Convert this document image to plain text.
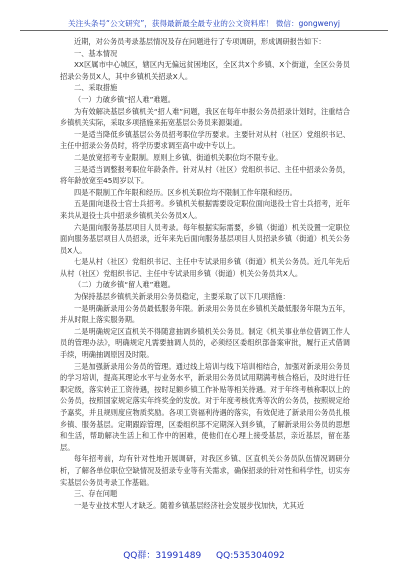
关注头条号“公文研究”，获得最新最全最专业的公文资料库！ 微信：gongwenyj

近期，对公务员考录基层情况及存在问题进行了专项调研，形成调研报告如下：

一、基本情况

XX区属市中心城区，辖区内无偏远贫困地区，全区共X个乡镇、X个街道，全区公务员招录公务员X人，其中乡镇机关招录X人。

二、采取措施

（一）力破乡镇“招人难”难题。

为有效解决基层乡镇机关“招人难”问题，我区在每年申报公务员招录计划时，注重结合乡镇机关实际，采取多项措施来拓宽基层公务员来源渠道。

一是适当降低乡镇基层公务员招考职位学历要求。主要针对从村（社区）党组织书记、主任中招录公务员时，将学历要求调至高中或中专以上。

二是放宽招考专业限制。原则上乡镇、街道机关职位均不限专业。

三是适当调整报考职位年龄条件。针对从村（社区）党组织书记、主任中招录公务员，将年龄放宽至45周岁以下。

四是不限制工作年限和经历。区乡机关职位均不限制工作年限和经历。

五是面向退役士官士兵招考。乡镇机关根据需要设定职位面向退役士官士兵招考，近年来共从退役士兵中招录乡镇机关公务员X人。

六是面向服务基层项目人员考录。每年根据实际需要，乡镇（街道）机关设置一定职位面向服务基层项目人员招录，近年来先后面向服务基层项目人员招录乡镇（街道）机关公务员X人。

七是从村（社区）党组织书记、主任中专试录用乡镇（街道）机关公务员。近几年先后从村（社区）党组织书记、主任中专试录用乡镇（街道）机关公务员共X人。

（二）力破乡镇“留人难”难题。

为保持基层乡镇机关新录用公务员稳定，主要采取了以下几项措施：

一是明确新录用公务员最低服务年限。新录用公务员在乡镇机关最低服务年限为五年，并从时限上落实服务期。

二是明确规定区直机关不得随意抽调乡镇机关公务员。制定《机关事业单位借调工作人员的管理办法》，明确规定凡需要抽调人员的，必须经区委组织部备案审批，履行正式借调手续，明确抽调原因及时限。

三是加强新录用公务员的管理。通过线上培训与线下培训相结合，加强对新录用公务员的学习培训，提高其理论水平与业务水平，新录用公务员试用期满考核合格后，及时进行任职定级，落实转正工资待遇，按时足额乡镇工作补贴等相关待遇。对于年终考核称职以上的公务员，按照国家规定落实年终奖金的发放。对于年度考核优秀等次的公务员，按照规定给予嘉奖，并且规则度应物质奖励。各项工资福利待遇的落实，有效促进了新录用公务员扎根乡镇、服务基层。定期跟踪管理，区委组织部不定期深入到乡镇，了解新录用公务员的思想和生活，帮助解决生活上和工作中的困难，使他们在心理上接受基层，亲近基层，留在基层。

每年招考前，均有针对性地开展调研，对我区乡镇、区直机关公务员队伍情况调研分析，了解各单位职位空缺情况及招录专业等有关需求，确保招录的针对性和科学性，切实夯实基层公务员考录工作基础。

三、存在问题

一是专业技术型人才缺乏。随着乡镇基层经济社会发展步伐加快，尤其近

QQ群：31991489 QQ:535304092
